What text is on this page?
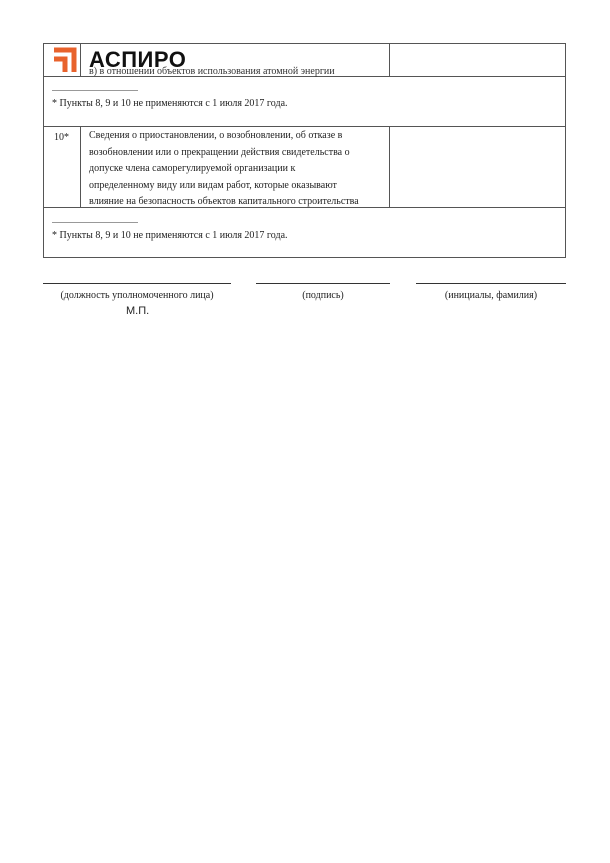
АСПИРО
в) в отношении объектов использования атомной энергии
* Пункты 8, 9 и 10 не применяются с 1 июля 2017 года.
10* Сведения о приостановлении, о возобновлении, об отказе в
возобновлении или о прекращении действия свидетельства о
допуске члена саморегулируемой организации к
определенному виду или видам работ, которые оказывают
влияние на безопасность объектов капитального строительства
* Пункты 8, 9 и 10 не применяются с 1 июля 2017 года.
(должность уполномоченного лица)	(подпись)	(инициалы, фамилия)
М.П.
